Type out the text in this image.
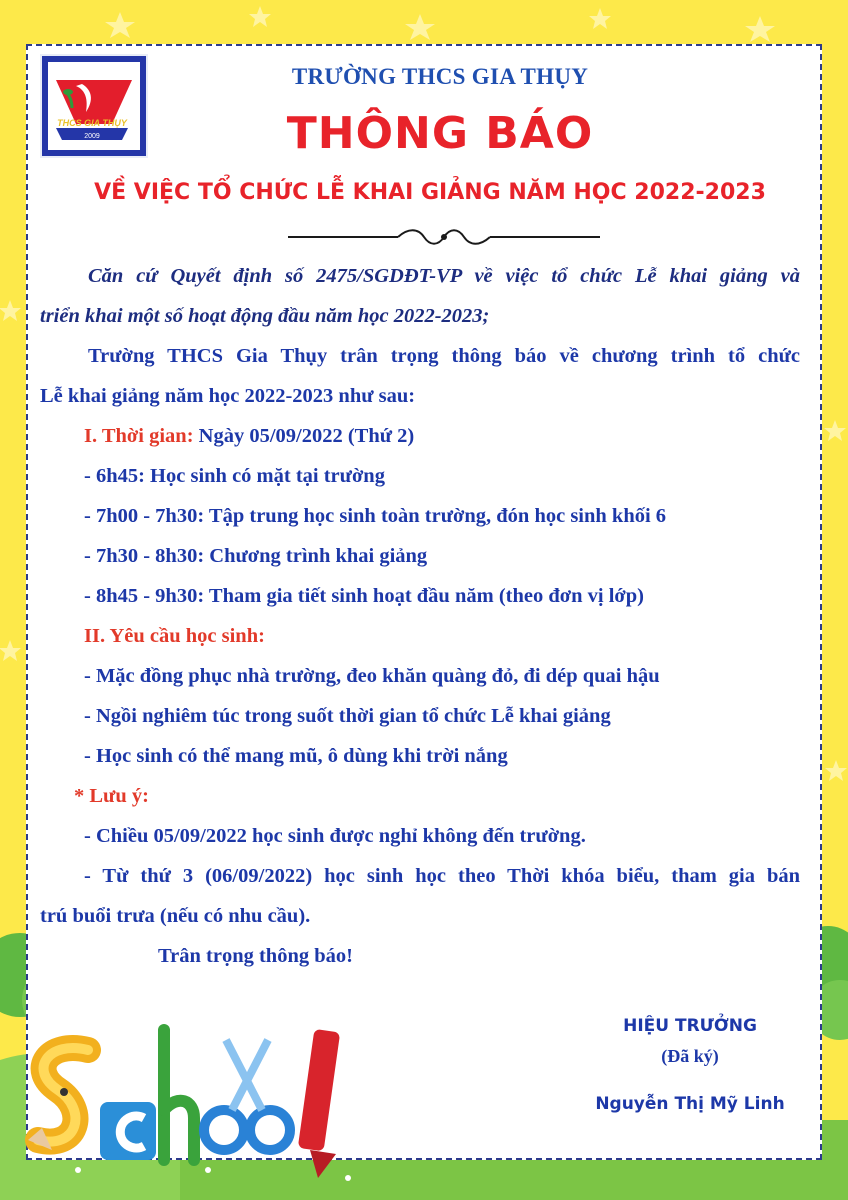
THCS GIA THỤY
2009
TRƯỜNG THCS GIA THỤY
THÔNG BÁO
VỀ VIỆC TỔ CHỨC LỄ KHAI GIẢNG NĂM HỌC 2022-2023

Căn cứ Quyết định số 2475/SGDĐT-VP về việc tổ chức Lễ khai giảng và

triển khai một số hoạt động đầu năm học 2022-2023;

Trường THCS Gia Thụy trân trọng thông báo về chương trình tổ chức

Lễ khai giảng năm học 2022-2023 như sau:

I. Thời gian: Ngày 05/09/2022 (Thứ 2)

- 6h45: Học sinh có mặt tại trường

- 7h00 - 7h30: Tập trung học sinh toàn trường, đón học sinh khối 6

- 7h30 - 8h30: Chương trình khai giảng

- 8h45 - 9h30: Tham gia tiết sinh hoạt đầu năm (theo đơn vị lớp)

II. Yêu cầu học sinh:

- Mặc đồng phục nhà trường, đeo khăn quàng đỏ, đi dép quai hậu

- Ngồi nghiêm túc trong suốt thời gian tổ chức Lễ khai giảng

- Học sinh có thể mang mũ, ô dùng khi trời nắng

* Lưu ý:

- Chiều 05/09/2022 học sinh được nghỉ không đến trường.

- Từ thứ 3 (06/09/2022) học sinh học theo Thời khóa biểu, tham gia bán

trú buổi trưa (nếu có nhu cầu).

Trân trọng thông báo!

HIỆU TRƯỞNG
(Đã ký)
Nguyễn Thị Mỹ Linh
